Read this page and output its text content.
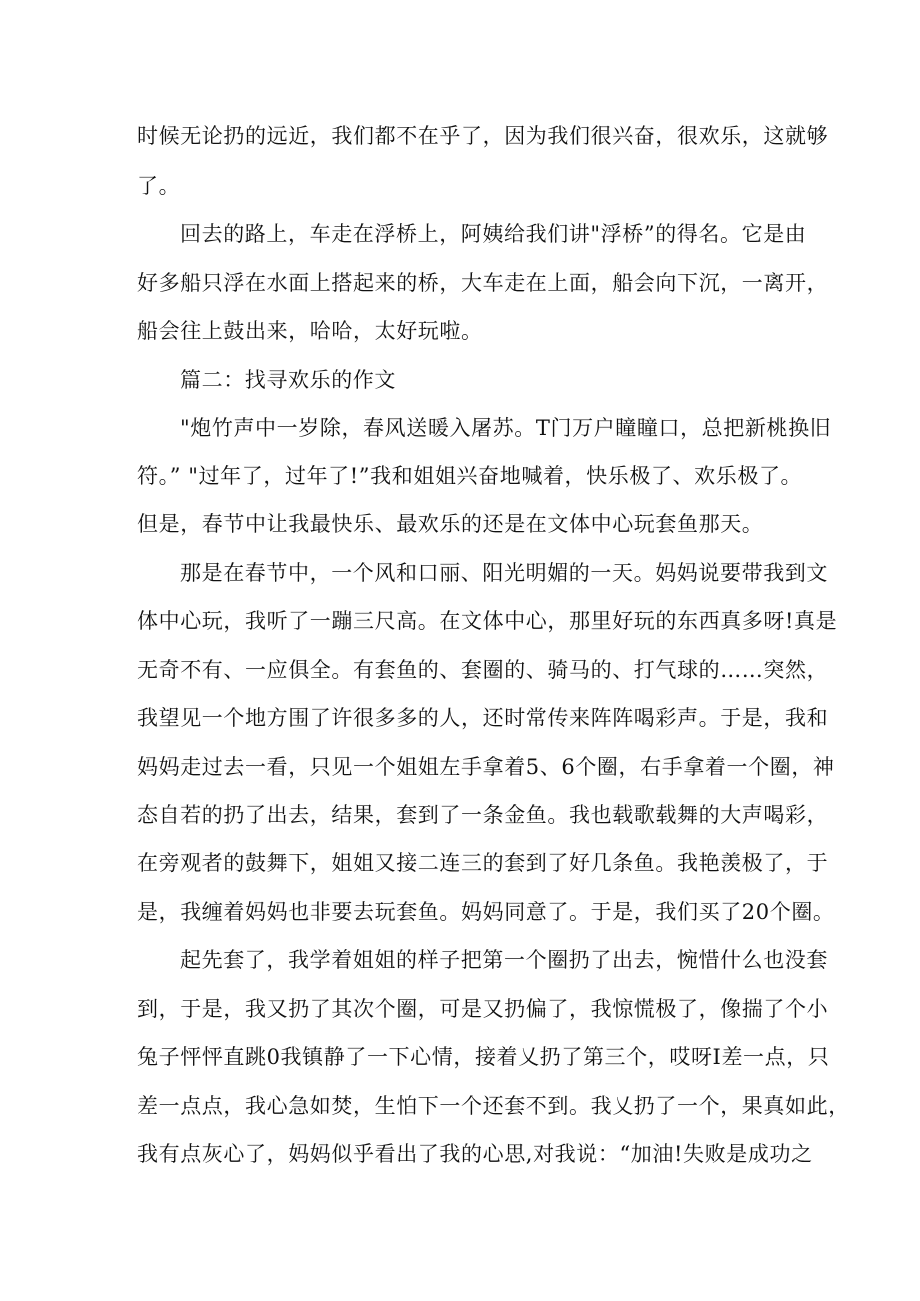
时候无论扔的远近，我们都不在乎了，因为我们很兴奋，很欢乐，这就够
了。
回去的路上，车走在浮桥上，阿姨给我们讲"浮桥”的得名。它是由
好多船只浮在水面上搭起来的桥，大车走在上面，船会向下沉，一离开，
船会往上鼓出来，哈哈，太好玩啦。
篇二：找寻欢乐的作文
"炮竹声中一岁除，春风送暖入屠苏。T门万户瞳瞳口，总把新桃换旧
符。” "过年了，过年了!”我和姐姐兴奋地喊着，快乐极了、欢乐极了。
但是，春节中让我最快乐、最欢乐的还是在文体中心玩套鱼那天。
那是在春节中，一个风和口丽、阳光明媚的一天。妈妈说要带我到文
体中心玩，我听了一蹦三尺高。在文体中心，那里好玩的东西真多呀!真是
无奇不有、一应俱全。有套鱼的、套圈的、骑马的、打气球的……突然，
我望见一个地方围了许很多多的人，还时常传来阵阵喝彩声。于是，我和
妈妈走过去一看，只见一个姐姐左手拿着5、6个圈，右手拿着一个圈，神
态自若的扔了出去，结果，套到了一条金鱼。我也载歌载舞的大声喝彩，
在旁观者的鼓舞下，姐姐又接二连三的套到了好几条鱼。我艳羡极了，于
是，我缠着妈妈也非要去玩套鱼。妈妈同意了。于是，我们买了20个圈。
起先套了，我学着姐姐的样子把第一个圈扔了出去，惋惜什么也没套
到，于是，我又扔了其次个圈，可是又扔偏了，我惊慌极了，像揣了个小
兔子怦怦直跳0我镇静了一下心情，接着乂扔了第三个，哎呀I差一点，只
差一点点，我心急如焚，生怕下一个还套不到。我乂扔了一个，果真如此，
我有点灰心了，妈妈似乎看出了我的心思,对我说：“加油!失败是成功之
